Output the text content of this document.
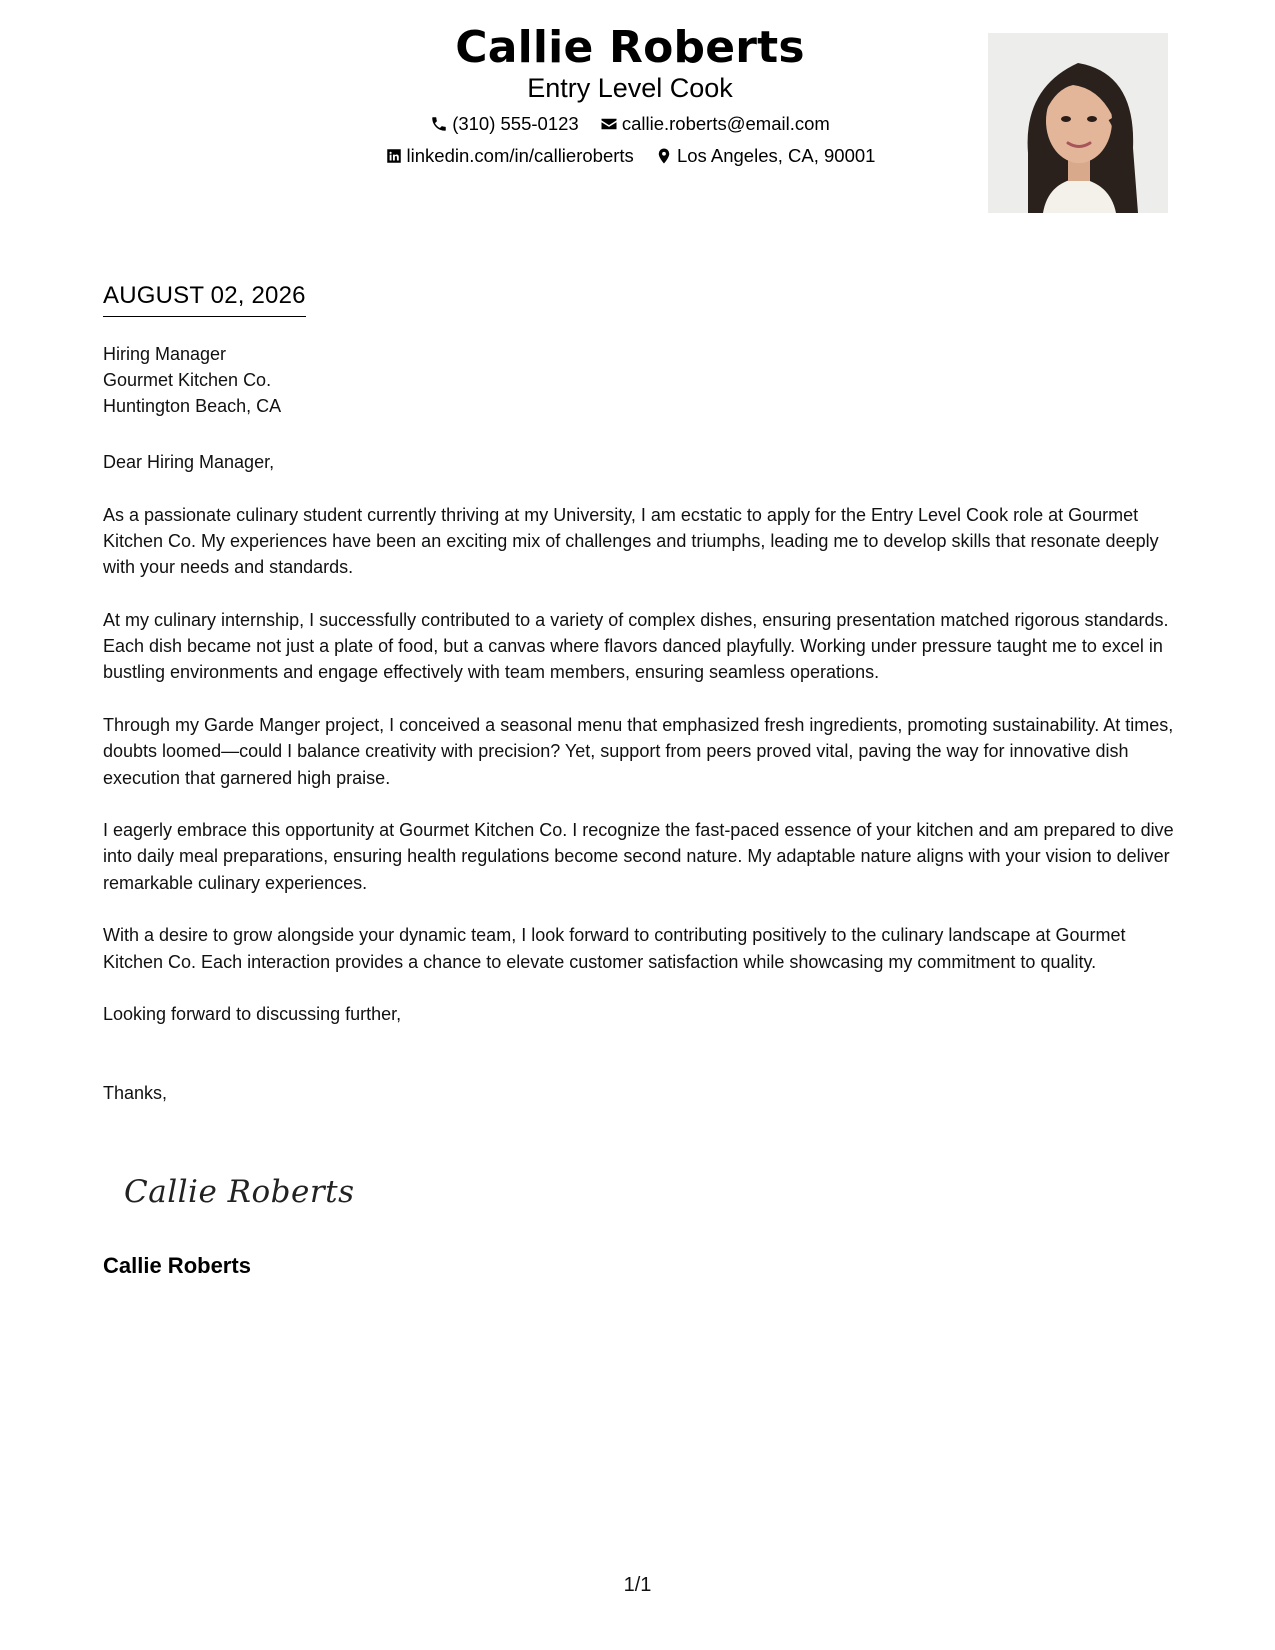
Callie Roberts
Entry Level Cook
(310) 555-0123
callie.roberts@email.com
linkedin.com/in/callieroberts
Los Angeles, CA, 90001
AUGUST 02, 2026
Hiring Manager
Gourmet Kitchen Co.
Huntington Beach, CA

Dear Hiring Manager,

As a passionate culinary student currently thriving at my University, I am ecstatic to apply for the Entry Level Cook role at Gourmet Kitchen Co. My experiences have been an exciting mix of challenges and triumphs, leading me to develop skills that resonate deeply with your needs and standards.

At my culinary internship, I successfully contributed to a variety of complex dishes, ensuring presentation matched rigorous standards. Each dish became not just a plate of food, but a canvas where flavors danced playfully. Working under pressure taught me to excel in bustling environments and engage effectively with team members, ensuring seamless operations.

Through my Garde Manger project, I conceived a seasonal menu that emphasized fresh ingredients, promoting sustainability. At times, doubts loomed—could I balance creativity with precision? Yet, support from peers proved vital, paving the way for innovative dish execution that garnered high praise.

I eagerly embrace this opportunity at Gourmet Kitchen Co. I recognize the fast-paced essence of your kitchen and am prepared to dive into daily meal preparations, ensuring health regulations become second nature. My adaptable nature aligns with your vision to deliver remarkable culinary experiences.

With a desire to grow alongside your dynamic team, I look forward to contributing positively to the culinary landscape at Gourmet Kitchen Co. Each interaction provides a chance to elevate customer satisfaction while showcasing my commitment to quality.

Looking forward to discussing further,

Thanks,

Callie Roberts
Callie Roberts
1/1
